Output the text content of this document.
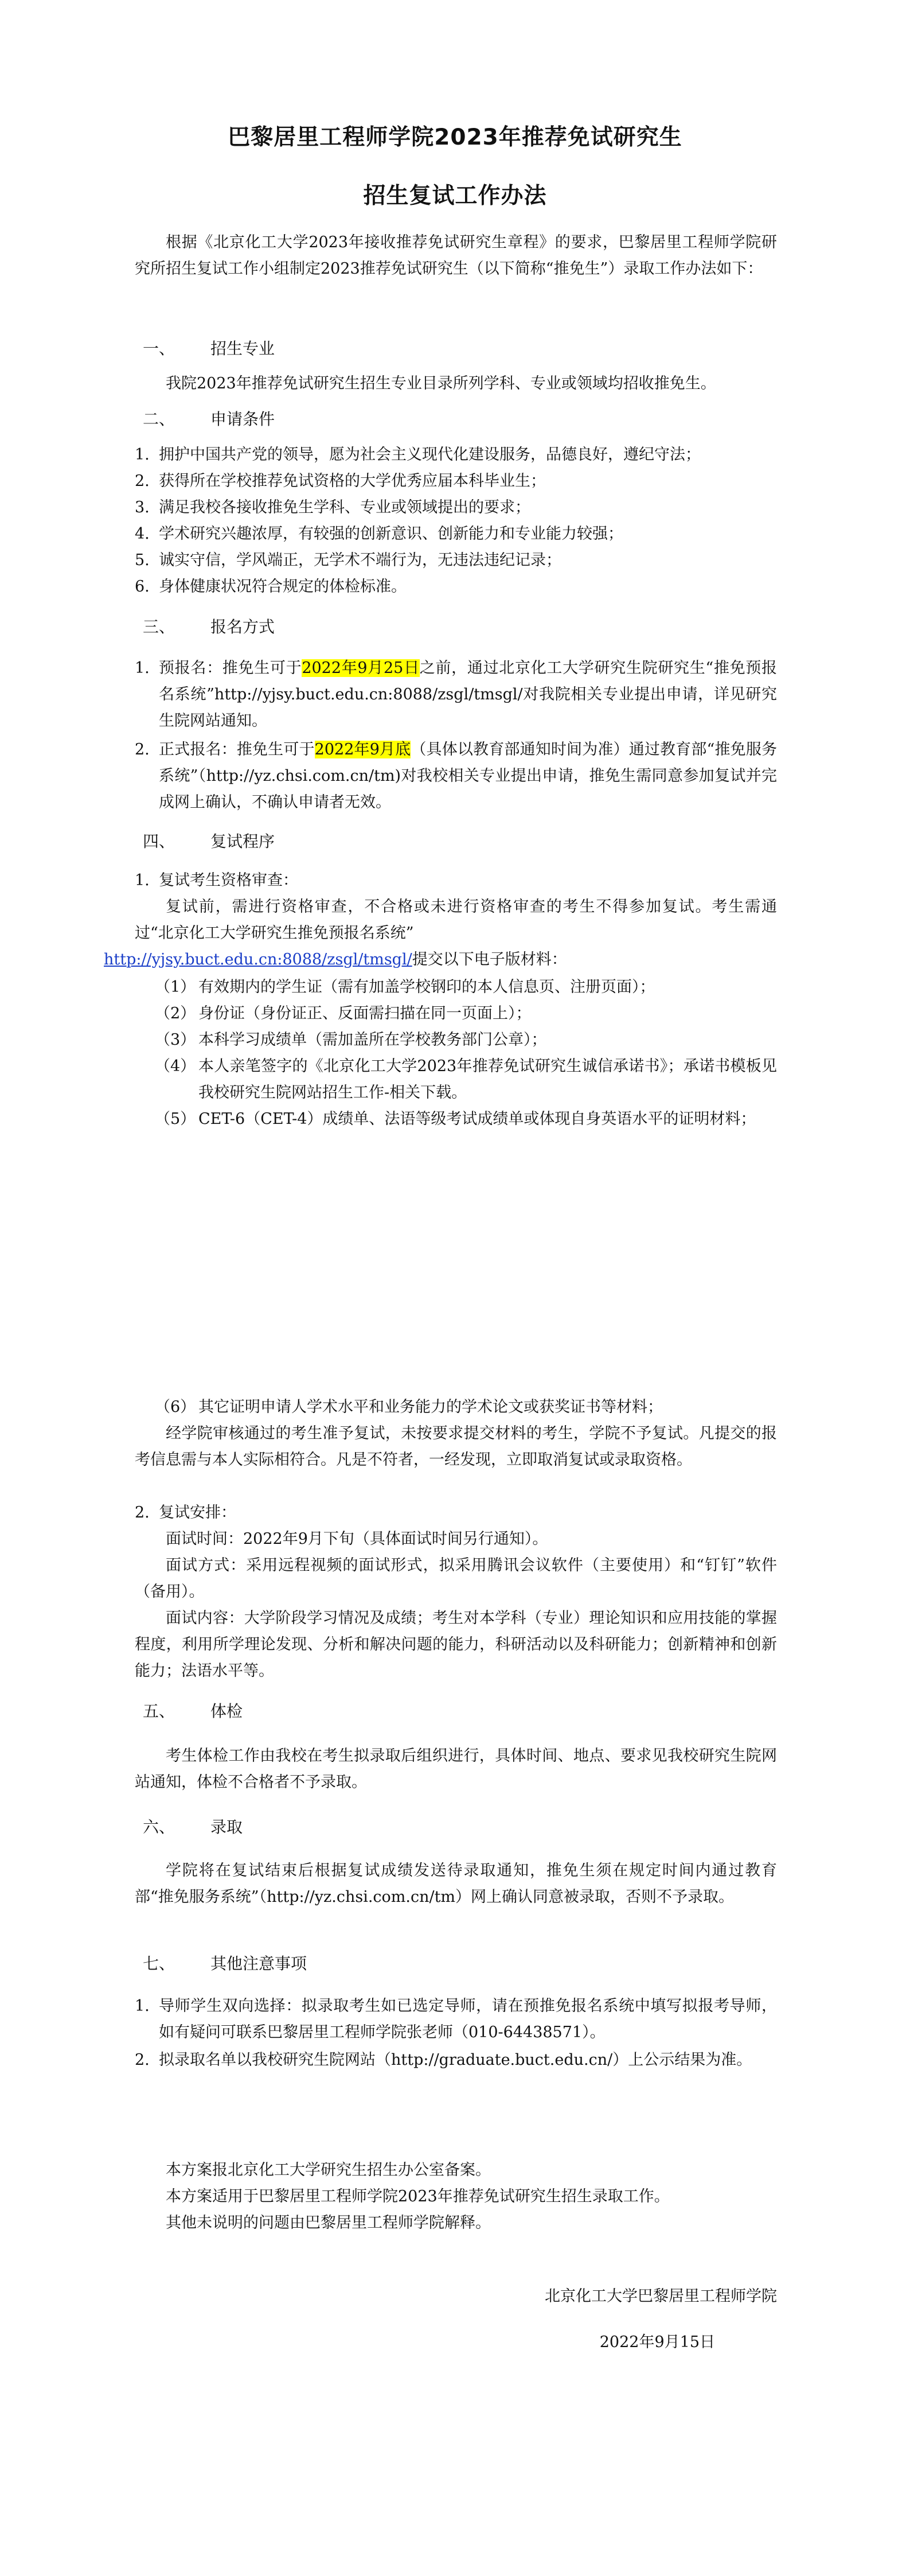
巴黎居里工程师学院2023年推荐免试研究生
招生复试工作办法
根据《北京化工大学2023年接收推荐免试研究生章程》的要求，巴黎居里工程师学院研究所招生复试工作小组制定2023推荐免试研究生（以下简称“推免生”）录取工作办法如下：
一、 招生专业
我院2023年推荐免试研究生招生专业目录所列学科、专业或领域均招收推免生。
二、 申请条件
1. 拥护中国共产党的领导，愿为社会主义现代化建设服务，品德良好，遵纪守法；
2. 获得所在学校推荐免试资格的大学优秀应届本科毕业生；
3. 满足我校各接收推免生学科、专业或领域提出的要求；
4. 学术研究兴趣浓厚，有较强的创新意识、创新能力和专业能力较强；
5. 诚实守信，学风端正，无学术不端行为，无违法违纪记录；
6. 身体健康状况符合规定的体检标准。
三、 报名方式
1. 预报名：推免生可于2022年9月25日之前，通过北京化工大学研究生院研究生“推免预报名系统”http://yjsy.buct.edu.cn:8088/zsgl/tmsgl/对我院相关专业提出申请，详见研究生院网站通知。
2. 正式报名：推免生可于2022年9月底（具体以教育部通知时间为准）通过教育部“推免服务系统”（http://yz.chsi.com.cn/tm)对我校相关专业提出申请，推免生需同意参加复试并完成网上确认，不确认申请者无效。
四、 复试程序
1. 复试考生资格审查：
复试前，需进行资格审查，不合格或未进行资格审查的考生不得参加复试。考生需通过“北京化工大学研究生推免预报名系统”
http://yjsy.buct.edu.cn:8088/zsgl/tmsgl/提交以下电子版材料：
（1） 有效期内的学生证（需有加盖学校钢印的本人信息页、注册页面）；
（2） 身份证（身份证正、反面需扫描在同一页面上）；
（3） 本科学习成绩单（需加盖所在学校教务部门公章）；
（4） 本人亲笔签字的《北京化工大学2023年推荐免试研究生诚信承诺书》；承诺书模板见我校研究生院网站招生工作-相关下载。
（5） CET-6（CET-4）成绩单、法语等级考试成绩单或体现自身英语水平的证明材料；
（6） 其它证明申请人学术水平和业务能力的学术论文或获奖证书等材料；
经学院审核通过的考生准予复试，未按要求提交材料的考生，学院不予复试。凡提交的报考信息需与本人实际相符合。凡是不符者，一经发现，立即取消复试或录取资格。
2. 复试安排：
面试时间：2022年9月下旬（具体面试时间另行通知）。
面试方式：采用远程视频的面试形式，拟采用腾讯会议软件（主要使用）和“钉钉”软件（备用）。
面试内容：大学阶段学习情况及成绩；考生对本学科（专业）理论知识和应用技能的掌握程度，利用所学理论发现、分析和解决问题的能力，科研活动以及科研能力；创新精神和创新能力；法语水平等。
五、 体检
考生体检工作由我校在考生拟录取后组织进行，具体时间、地点、要求见我校研究生院网站通知，体检不合格者不予录取。
六、 录取
学院将在复试结束后根据复试成绩发送待录取通知，推免生须在规定时间内通过教育部“推免服务系统”（http://yz.chsi.com.cn/tm）网上确认同意被录取，否则不予录取。
七、 其他注意事项
1. 导师学生双向选择：拟录取考生如已选定导师，请在预推免报名系统中填写拟报考导师，如有疑问可联系巴黎居里工程师学院张老师（010-64438571）。
2. 拟录取名单以我校研究生院网站（http://graduate.buct.edu.cn/）上公示结果为准。
本方案报北京化工大学研究生招生办公室备案。
本方案适用于巴黎居里工程师学院2023年推荐免试研究生招生录取工作。
其他未说明的问题由巴黎居里工程师学院解释。
北京化工大学巴黎居里工程师学院
2022年9月15日
